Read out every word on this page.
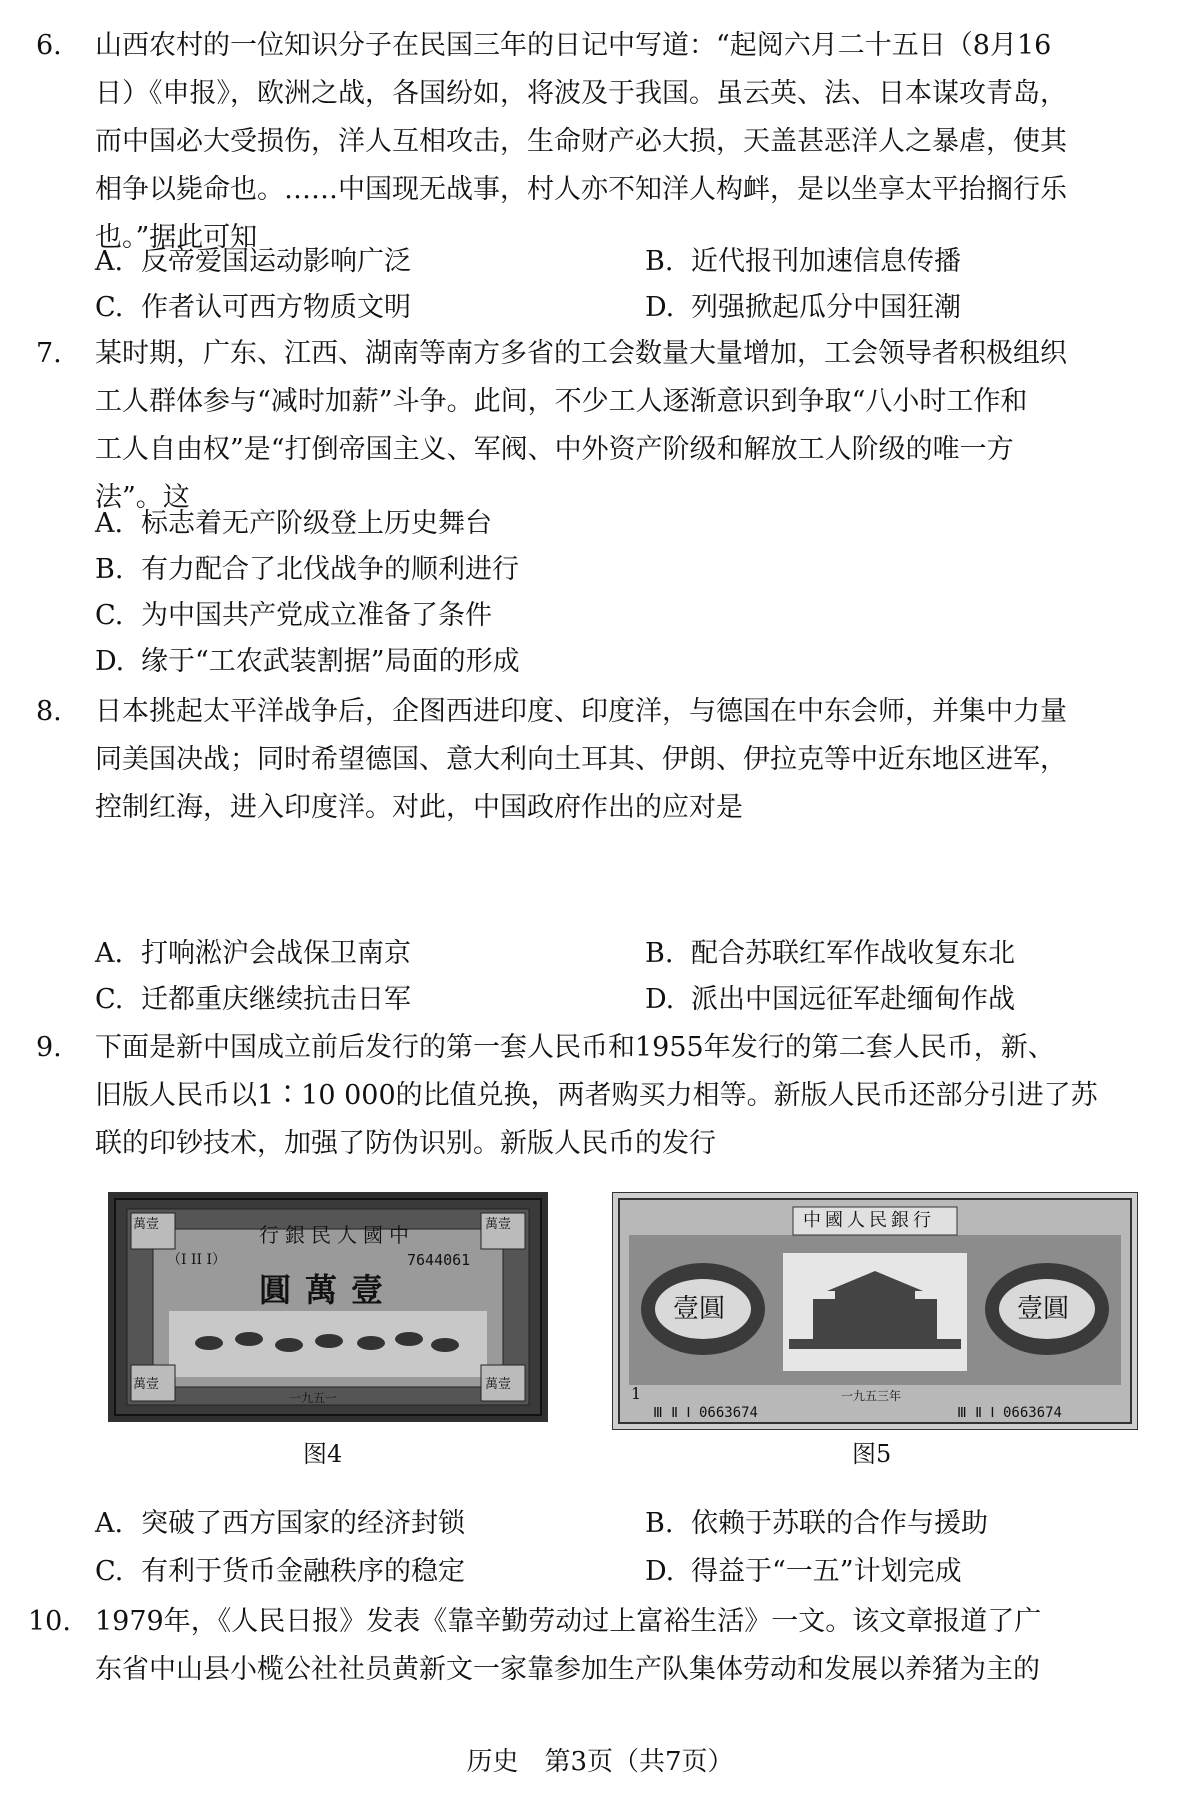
6. 山西农村的一位知识分子在民国三年的日记中写道：“起阅六月二十五日（8月16
日）《申报》，欧洲之战，各国纷如，将波及于我国。虽云英、法、日本谋攻青岛，
而中国必大受损伤，洋人互相攻击，生命财产必大损，天盖甚恶洋人之暴虐，使其
相争以毙命也。……中国现无战事，村人亦不知洋人构衅，是以坐享太平抬搁行乐
也。”据此可知
A. 反帝爱国运动影响广泛	B. 近代报刊加速信息传播
C. 作者认可西方物质文明	D. 列强掀起瓜分中国狂潮
7. 某时期，广东、江西、湖南等南方多省的工会数量大量增加，工会领导者积极组织
工人群体参与“减时加薪”斗争。此间，不少工人逐渐意识到争取“八小时工作和
工人自由权”是“打倒帝国主义、军阀、中外资产阶级和解放工人阶级的唯一方
法”。这
A. 标志着无产阶级登上历史舞台
B. 有力配合了北伐战争的顺利进行
C. 为中国共产党成立准备了条件
D. 缘于“工农武装割据”局面的形成
8. 日本挑起太平洋战争后，企图西进印度、印度洋，与德国在中东会师，并集中力量
同美国决战；同时希望德国、意大利向土耳其、伊朗、伊拉克等中近东地区进军，
控制红海，进入印度洋。对此，中国政府作出的应对是
A. 打响淞沪会战保卫南京	B. 配合苏联红军作战收复东北
C. 迁都重庆继续抗击日军	D. 派出中国远征军赴缅甸作战
9. 下面是新中国成立前后发行的第一套人民币和1955年发行的第二套人民币，新、
旧版人民币以1∶10 000的比值兑换，两者购买力相等。新版人民币还部分引进了苏
联的印钞技术，加强了防伪识别。新版人民币的发行
行銀民人國中
（I II I）	7644061
圓萬壹
萬壹	萬壹
萬壹	萬壹
一九五一
图4
中國人民銀行
壹圓	壹圓
1	一九五三年
Ⅲ Ⅱ Ⅰ 0663674	Ⅲ Ⅱ Ⅰ 0663674
图5
A. 突破了西方国家的经济封锁	B. 依赖于苏联的合作与援助
C. 有利于货币金融秩序的稳定	D. 得益于“一五”计划完成
10. 1979年，《人民日报》发表《靠辛勤劳动过上富裕生活》一文。该文章报道了广
东省中山县小榄公社社员黄新文一家靠参加生产队集体劳动和发展以养猪为主的
历史　第3页（共7页）
